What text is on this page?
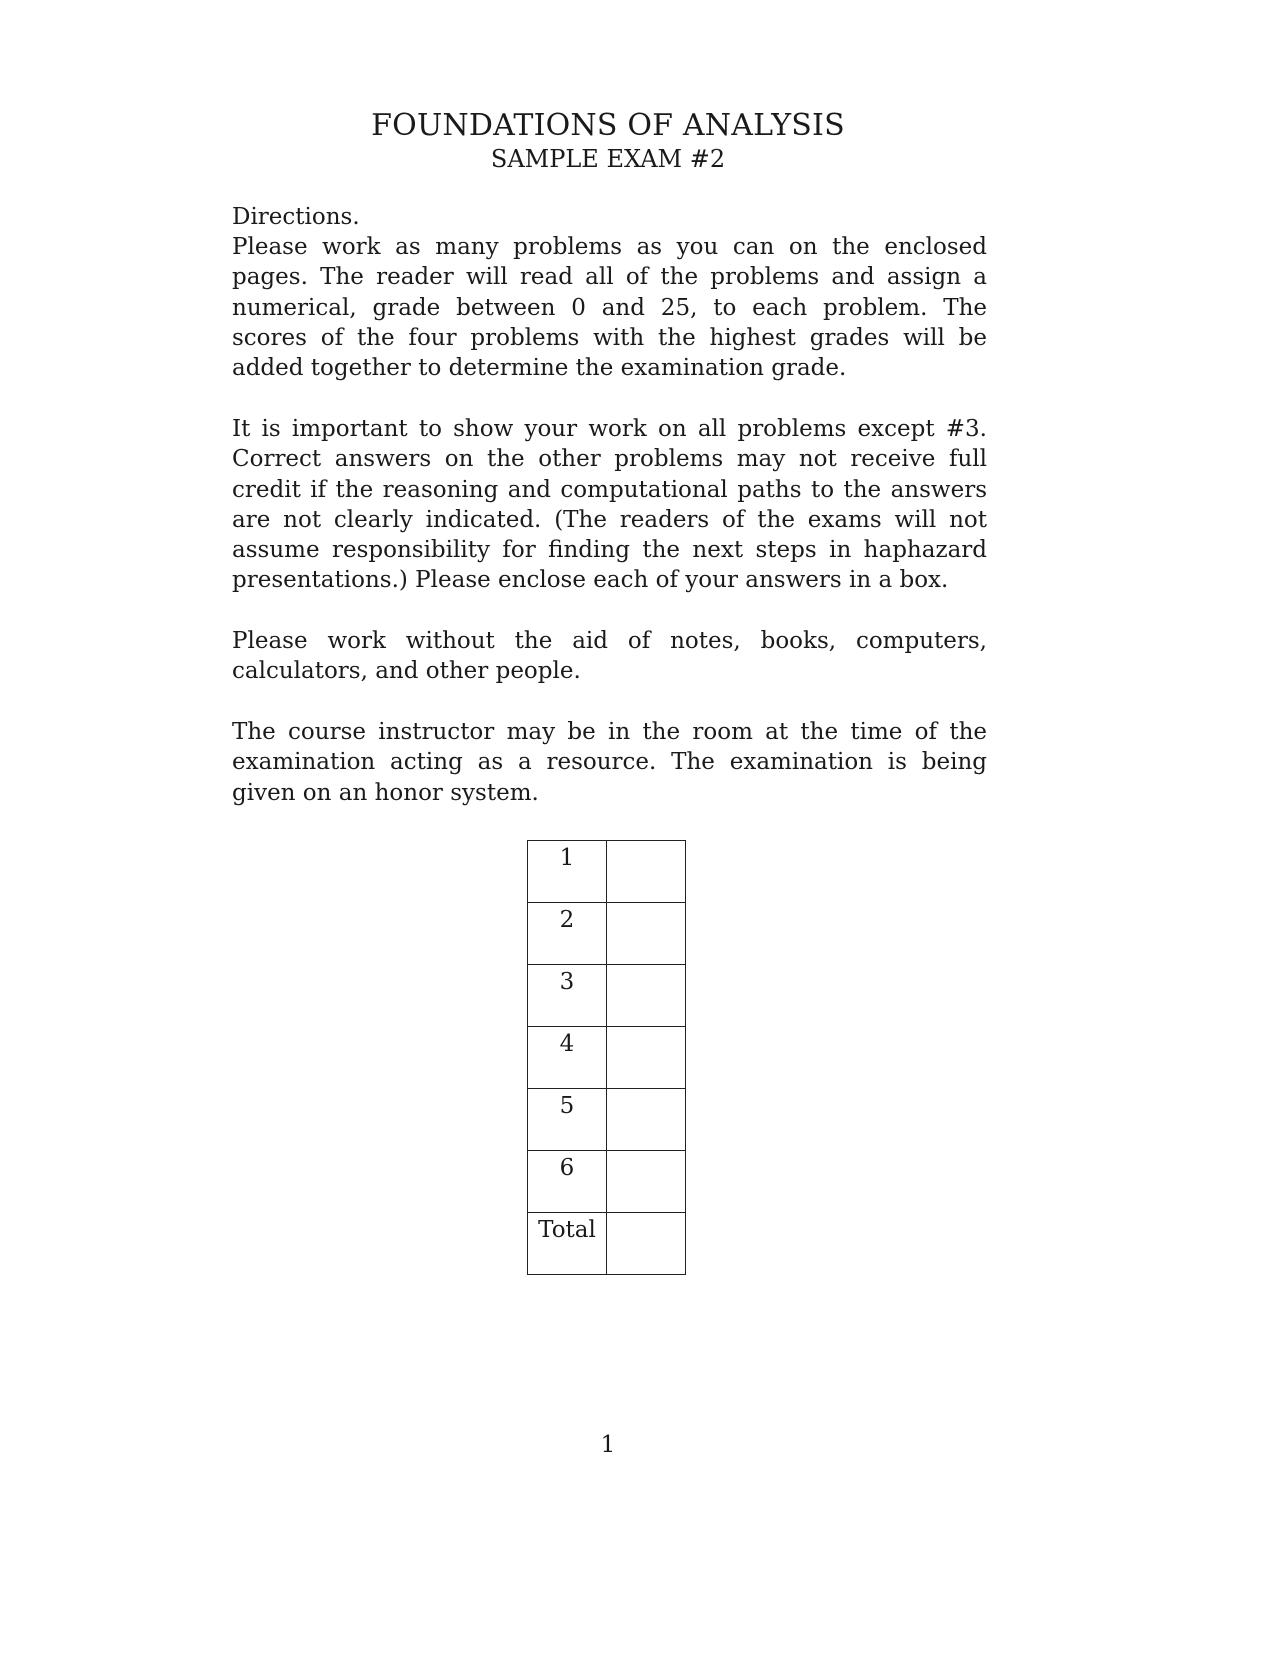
FOUNDATIONS OF ANALYSIS
SAMPLE EXAM #2
Directions.

Please work as many problems as you can on the enclosed pages. The reader will read all of the problems and assign a numerical, grade between 0 and 25, to each problem. The scores of the four problems with the highest grades will be added together to determine the examination grade.

It is important to show your work on all problems except #3. Correct answers on the other problems may not receive full credit if the reasoning and computational paths to the answers are not clearly indicated. (The readers of the exams will not assume responsibility for finding the next steps in haphazard presentations.) Please enclose each of your answers in a box.

Please work without the aid of notes, books, computers, calculators, and other people.

The course instructor may be in the room at the time of the examination acting as a resource. The examination is being given on an honor system.

1	
2	
3	
4	
5	
6	
Total	
1
